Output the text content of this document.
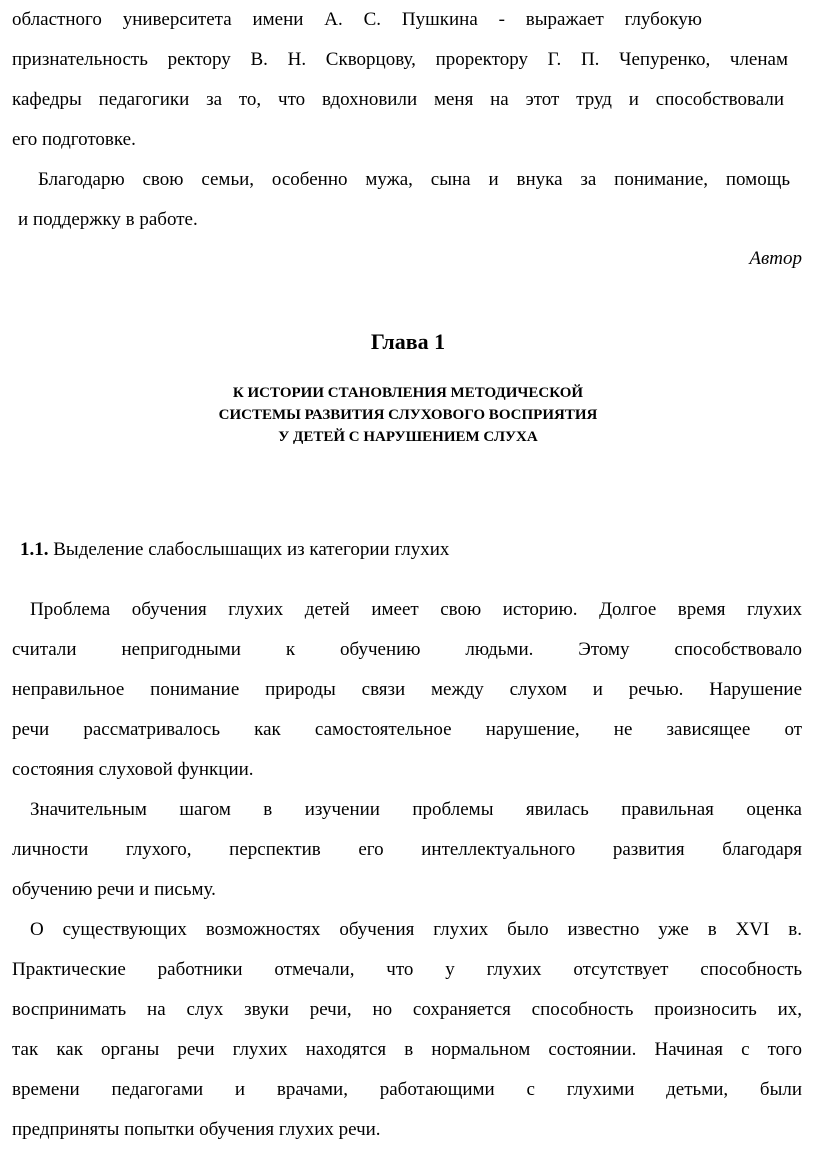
областного университета имени А. С. Пушкина - выражает глубокую
признательность ректору В. Н. Скворцову, проректору Г. П. Чепуренко, членам
кафедры педагогики за то, что вдохновили меня на этот труд и способствовали
его подготовке.
Благодарю свою семьи, особенно мужа, сына и внука за понимание, помощь
и поддержку в работе.
Автор
Глава 1
К ИСТОРИИ СТАНОВЛЕНИЯ МЕТОДИЧЕСКОЙ
СИСТЕМЫ РАЗВИТИЯ СЛУХОВОГО ВОСПРИЯТИЯ
У ДЕТЕЙ С НАРУШЕНИЕМ СЛУХА
1.1. Выделение слабослышащих из категории глухих
Проблема обучения глухих детей имеет свою историю. Долгое время глухих
считали непригодными к обучению людьми. Этому способствовало
неправильное понимание природы связи между слухом и речью. Нарушение
речи рассматривалось как самостоятельное нарушение, не зависящее от
состояния слуховой функции.
Значительным шагом в изучении проблемы явилась правильная оценка
личности глухого, перспектив его интеллектуального развития благодаря
обучению речи и письму.
О существующих возможностях обучения глухих было известно уже в XVI в.
Практические работники отмечали, что у глухих отсутствует способность
воспринимать на слух звуки речи, но сохраняется способность произносить их,
так как органы речи глухих находятся в нормальном состоянии. Начиная с того
времени педагогами и врачами, работающими с глухими детьми, были
предприняты попытки обучения глухих речи.
